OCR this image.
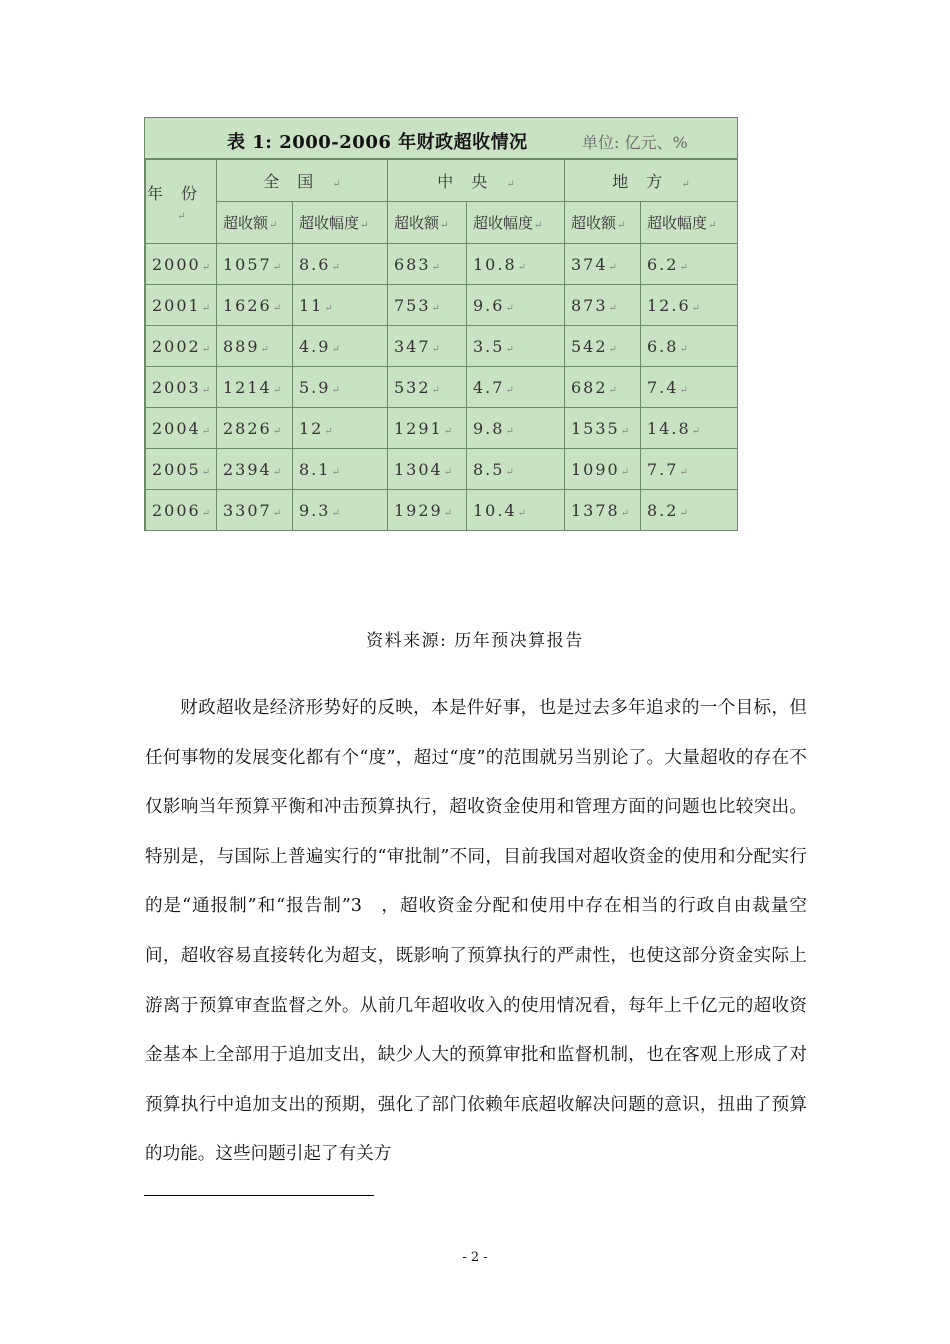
表 1: 2000-2006 年财政超收情况	单位: 亿元、%
年份↵	全国↵		中央↵		地方↵	
	超收额↵	超收幅度↵	超收额↵	超收幅度↵	超收额↵	超收幅度↵
2000↵	1057↵	8.6↵	683↵	10.8↵	374↵	6.2↵
2001↵	1626↵	11↵	753↵	9.6↵	873↵	12.6↵
2002↵	889↵	4.9↵	347↵	3.5↵	542↵	6.8↵
2003↵	1214↵	5.9↵	532↵	4.7↵	682↵	7.4↵
2004↵	2826↵	12↵	1291↵	9.8↵	1535↵	14.8↵
2005↵	2394↵	8.1↵	1304↵	8.5↵	1090↵	7.7↵
2006↵	3307↵	9.3↵	1929↵	10.4↵	1378↵	8.2↵
资料来源: 历年预决算报告

财政超收是经济形势好的反映，本是件好事，也是过去多年追求的一个目标，但任何事物的发展变化都有个“度”，超过“度”的范围就另当别论了。大量超收的存在不仅影响当年预算平衡和冲击预算执行，超收资金使用和管理方面的问题也比较突出。特别是，与国际上普遍实行的“审批制”不同，目前我国对超收资金的使用和分配实行的是“通报制”和“报告制”3　，超收资金分配和使用中存在相当的行政自由裁量空间，超收容易直接转化为超支，既影响了预算执行的严肃性，也使这部分资金实际上游离于预算审查监督之外。从前几年超收收入的使用情况看，每年上千亿元的超收资金基本上全部用于追加支出，缺少人大的预算审批和监督机制，也在客观上形成了对预算执行中追加支出的预期，强化了部门依赖年底超收解决问题的意识，扭曲了预算的功能。这些问题引起了有关方

- 2 -
